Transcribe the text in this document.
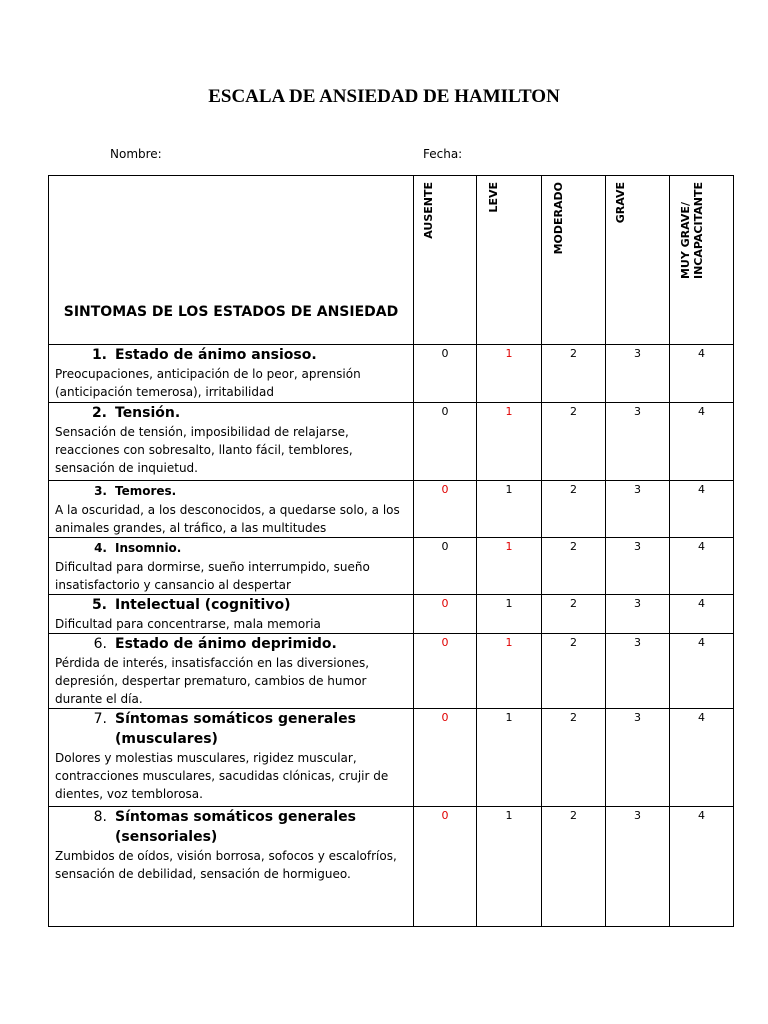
ESCALA DE ANSIEDAD DE HAMILTON
Nombre:	Fecha:
SINTOMAS DE LOS ESTADOS DE ANSIEDAD	AUSENTE	LEVE	MODERADO	GRAVE	MUY GRAVE/
INCAPACITANTE

1. Estado de ánimo ansioso.
Preocupaciones, anticipación de lo peor, aprensión (anticipación temerosa), irritabilidad	0	1	2	3	4

2. Tensión.
Sensación de tensión, imposibilidad de relajarse, reacciones con sobresalto, llanto fácil, temblores, sensación de inquietud.	0	1	2	3	4

3. Temores.
A la oscuridad, a los desconocidos, a quedarse solo, a los animales grandes, al tráfico, a las multitudes	0	1	2	3	4

4. Insomnio.
Dificultad para dormirse, sueño interrumpido, sueño insatisfactorio y cansancio al despertar	0	1	2	3	4

5. Intelectual (cognitivo)
Dificultad para concentrarse, mala memoria	0	1	2	3	4

6. Estado de ánimo deprimido.
Pérdida de interés, insatisfacción en las diversiones, depresión, despertar prematuro, cambios de humor durante el día.	0	1	2	3	4

7. Síntomas somáticos generales
(musculares)
Dolores y molestias musculares, rigidez muscular, contracciones musculares, sacudidas clónicas, crujir de dientes, voz temblorosa.	0	1	2	3	4

8. Síntomas somáticos generales
(sensoriales)
Zumbidos de oídos, visión borrosa, sofocos y escalofríos, sensación de debilidad, sensación de hormigueo.	0	1	2	3	4
